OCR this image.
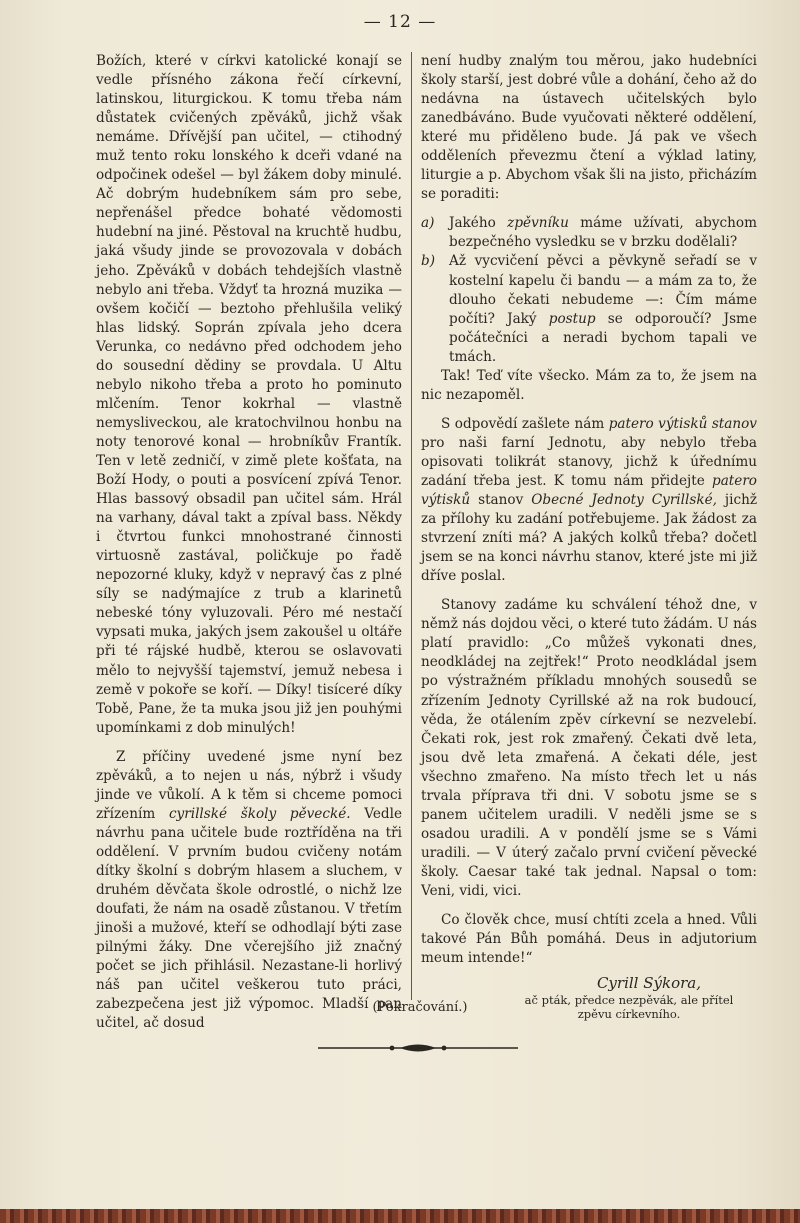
— 12 —

Božích, které v církvi katolické konají se vedle přísného zákona řečí církevní, latinskou, liturgickou. K tomu třeba nám důstatek cvičených zpěváků, jichž však nemáme. Dřívější pan učitel, — ctihodný muž tento roku lonského k dceři vdané na odpočinek odešel — byl žákem doby minulé. Ač dobrým hudebníkem sám pro sebe, nepřenášel předce bohaté vědomosti hudební na jiné. Pěstoval na kruchtě hudbu, jaká všudy jinde se provozovala v dobách jeho. Zpěváků v dobách tehdejších vlastně nebylo ani třeba. Vždyť ta hrozná muzika — ovšem kočičí — beztoho přehlušila veliký hlas lidský. Soprán zpívala jeho dcera Verunka, co nedávno před odchodem jeho do sousední dědiny se provdala. U Altu nebylo nikoho třeba a proto ho pominuto mlčením. Tenor kokrhal — vlastně nemysliveckou, ale kratochvilnou honbu na noty tenorové konal — hrobníkův Frantík. Ten v letě zedničí, v zimě plete košťata, na Boží Hody, o pouti a posvícení zpívá Tenor. Hlas bassový obsadil pan učitel sám. Hrál na varhany, dával takt a zpíval bass. Někdy i čtvrtou funkci mnohostrané činnosti virtuosně zastával, poličkuje po řadě nepozorné kluky, když v nepravý čas z plné síly se nadýmajíce z trub a klarinetů nebeské tóny vyluzovali. Péro mé nestačí vypsati muka, jakých jsem zakoušel u oltáře při té rájské hudbě, kterou se oslavovati mělo to nejvyšší tajemství, jemuž nebesa i země v pokoře se koří. — Díky! tisíceré díky Tobě, Pane, že ta muka jsou již jen pouhými upomínkami z dob minulých!

Z příčiny uvedené jsme nyní bez zpěváků, a to nejen u nás, nýbrž i všudy jinde ve vůkolí. A k těm si chceme pomoci zřízením cyrillské školy pěvecké. Vedle návrhu pana učitele bude roztříděna na tři oddělení. V prvním budou cvičeny notám dítky školní s dobrým hlasem a sluchem, v druhém děvčata škole odrostlé, o nichž lze doufati, že nám na osadě zůstanou. V třetím jinoši a mužové, kteří se odhodlají býti zase pilnými žáky. Dne včerejšího již značný počet se jich přihlásil. Nezastane-li horlivý náš pan učitel veškerou tuto práci, zabezpečena jest již výpomoc. Mladší pan učitel, ač dosud

není hudby znalým tou měrou, jako hudebníci školy starší, jest dobré vůle a dohání, čeho až do nedávna na ústavech učitelských bylo zanedbáváno. Bude vyučovati některé oddělení, které mu přiděleno bude. Já pak ve všech odděleních převezmu čtení a výklad latiny, liturgie a p. Abychom však šli na jisto, přicházím se poraditi:

a)	Jakého zpěvníku máme užívati, abychom bezpečného vysledku se v brzku dodělali?
b)	Až vycvičení pěvci a pěvkyně seřadí se v kostelní kapelu či bandu — a mám za to, že dlouho čekati nebudeme —: Čím máme počíti? Jaký postup se odporoučí? Jsme počátečníci a neradi bychom tapali ve tmách.

Tak! Teď víte všecko. Mám za to, že jsem na nic nezapoměl.

S odpovědí zašlete nám patero výtisků stanov pro naši farní Jednotu, aby nebylo třeba opisovati tolikrát stanovy, jichž k úřednímu zadání třeba jest. K tomu nám přidejte patero výtisků stanov Obecné Jednoty Cyrillské, jichž za přílohy ku zadání potřebujeme. Jak žádost za stvrzení zníti má? A jakých kolků třeba? dočetl jsem se na konci návrhu stanov, které jste mi již dříve poslal.

Stanovy zadáme ku schválení téhož dne, v němž nás dojdou věci, o které tuto žádám. U nás platí pravidlo: „Co můžeš vykonati dnes, neodkládej na zejtřek!“ Proto neodkládal jsem po výstražném příkladu mnohých sousedů se zřízením Jednoty Cyrillské až na rok budoucí, věda, že otálením zpěv církevní se nezvelebí. Čekati rok, jest rok zmařený. Čekati dvě leta, jsou dvě leta zmařená. A čekati déle, jest všechno zmařeno. Na místo třech let u nás trvala příprava tři dni. V sobotu jsme se s panem učitelem uradili. V neděli jsme se s osadou uradili. A v pondělí jsme se s Vámi uradili. — V úterý začalo první cvičení pěvecké školy. Caesar také tak jednal. Napsal o tom: Veni, vidi, vici.

Co člověk chce, musí chtíti zcela a hned. Vůli takové Pán Bůh pomáhá. Deus in adjutorium meum intende!“

Cyrill Sýkora,

ač pták, předce nezpěvák, ale přítel

zpěvu církevního.

(Pokračování.)
